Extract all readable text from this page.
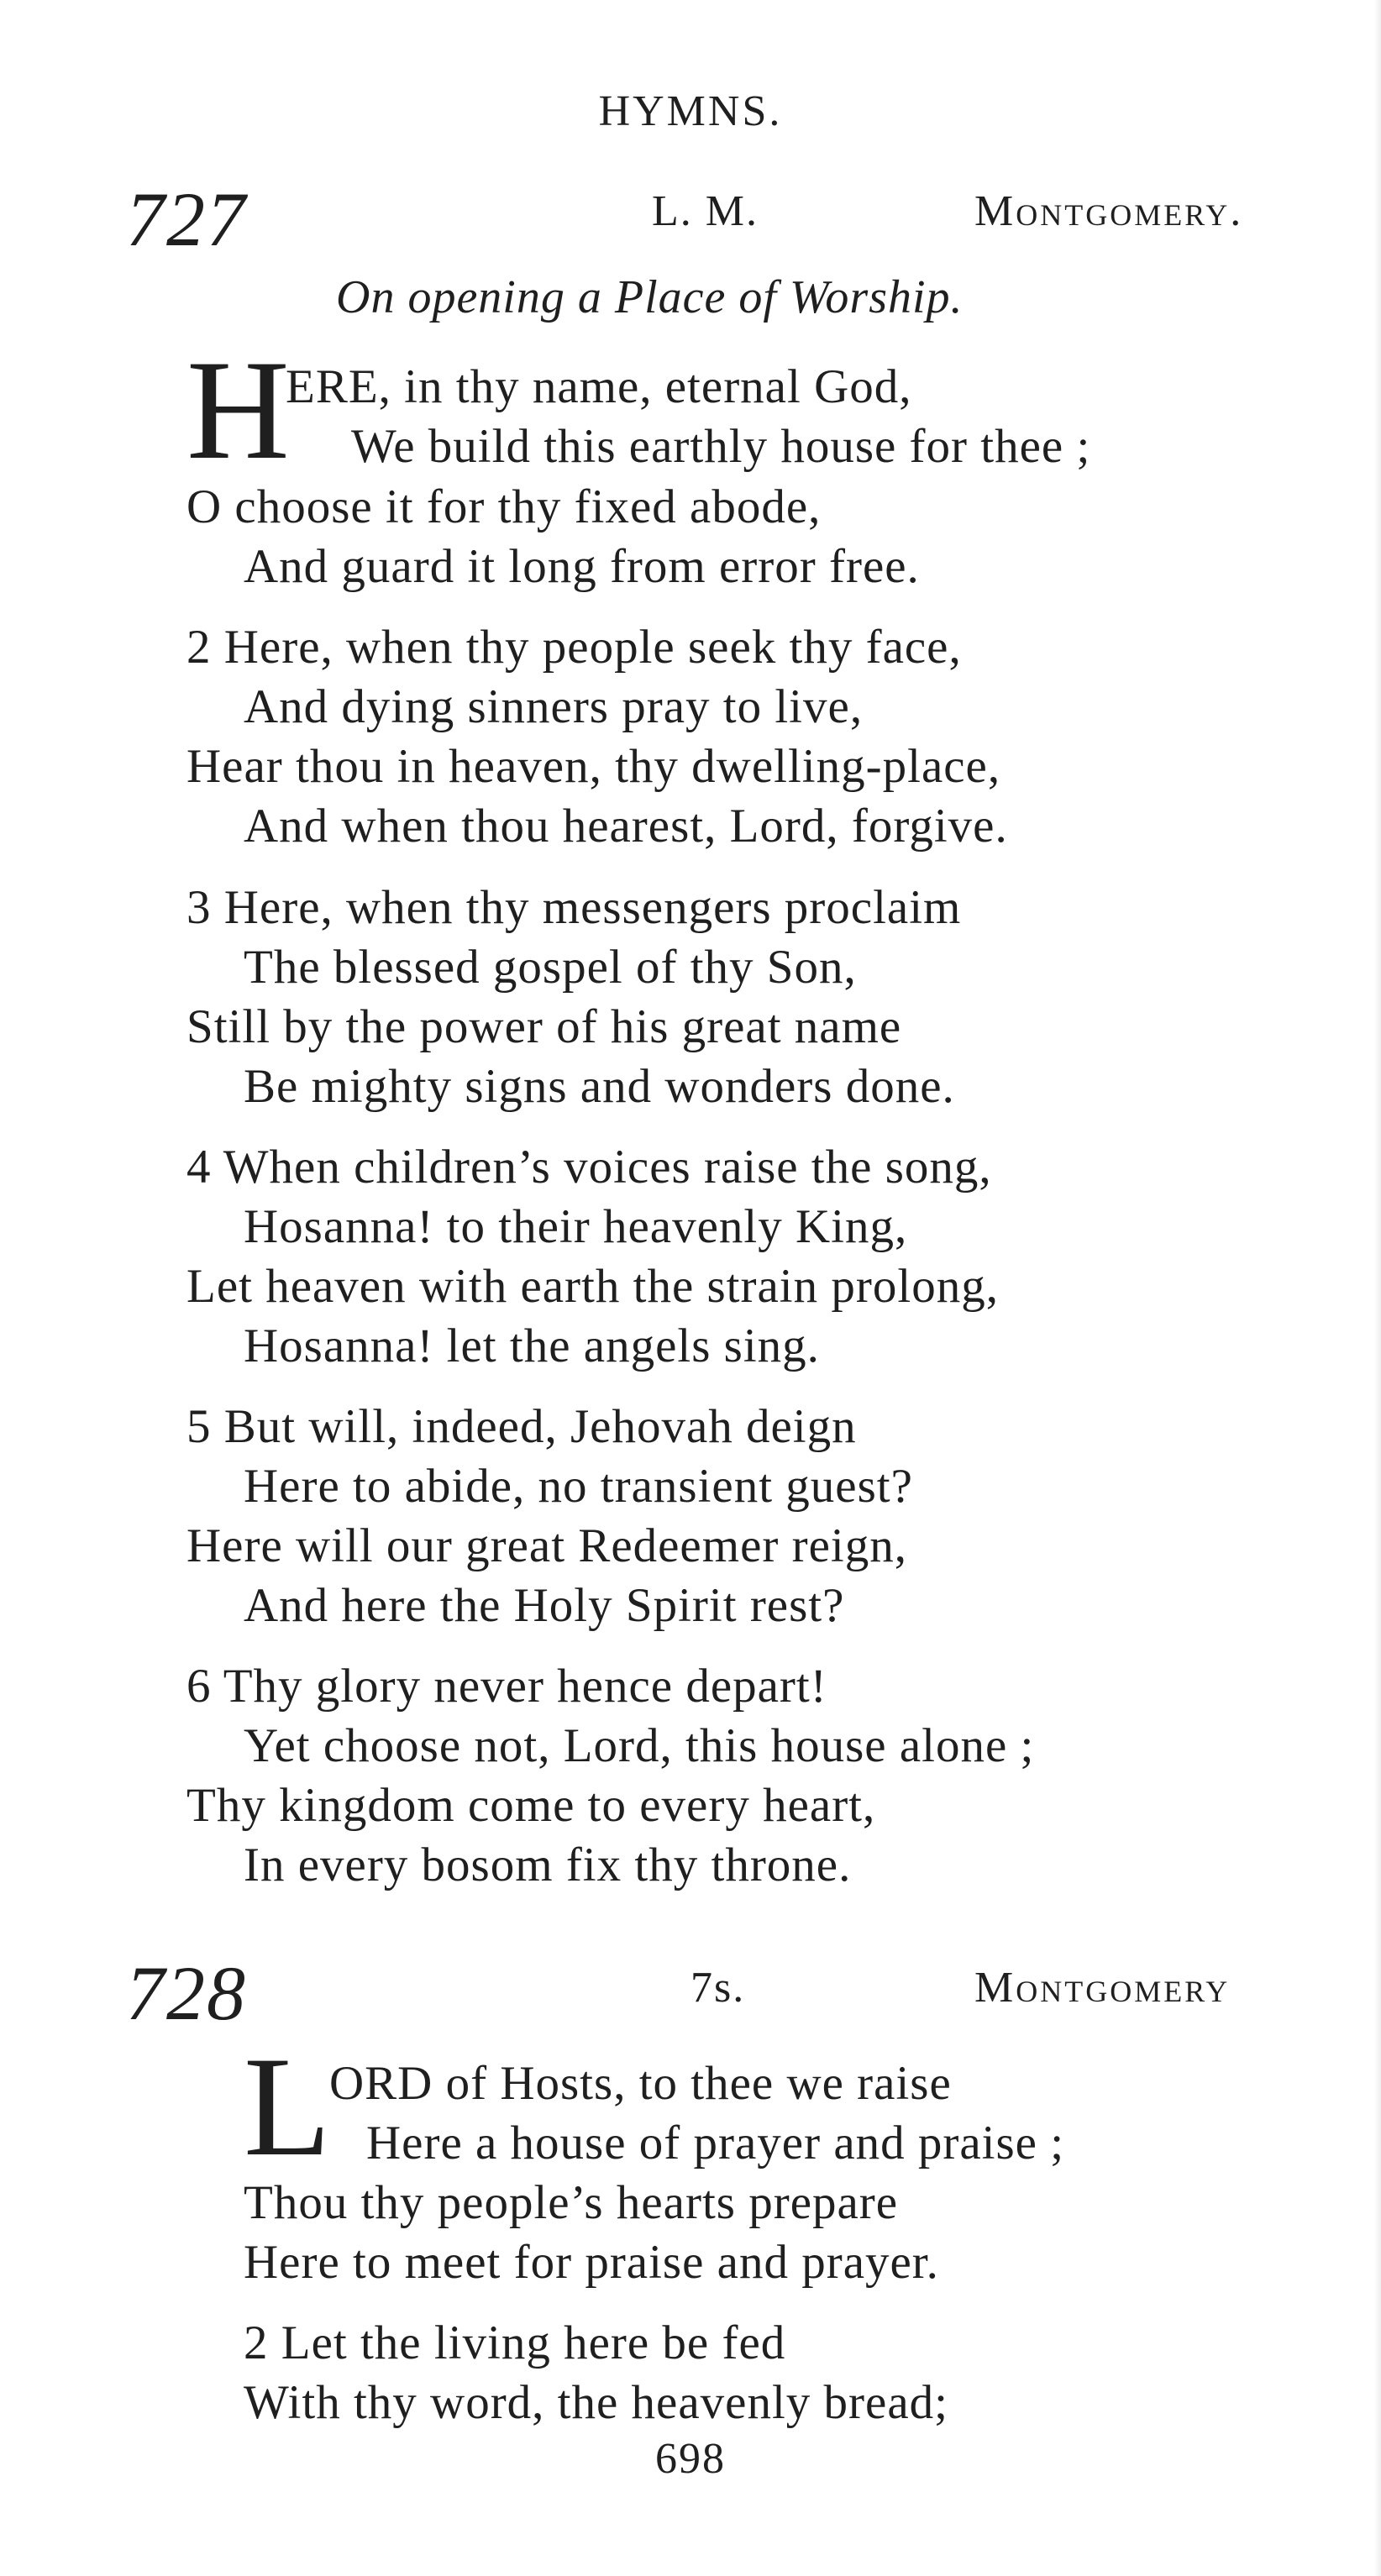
HYMNS.
727	L. M.	Montgomery.
On opening a Place of Worship.
H
ERE, in thy name, eternal God,
We build this earthly house for thee ;
O choose it for thy fixed abode,
And guard it long from error free.
2 Here, when thy people seek thy face,
And dying sinners pray to live,
Hear thou in heaven, thy dwelling-place,
And when thou hearest, Lord, forgive.
3 Here, when thy messengers proclaim
The blessed gospel of thy Son,
Still by the power of his great name
Be mighty signs and wonders done.
4 When children’s voices raise the song,
Hosanna! to their heavenly King,
Let heaven with earth the strain prolong,
Hosanna! let the angels sing.
5 But will, indeed, Jehovah deign
Here to abide, no transient guest?
Here will our great Redeemer reign,
And here the Holy Spirit rest?
6 Thy glory never hence depart!
Yet choose not, Lord, this house alone ;
Thy kingdom come to every heart,
In every bosom fix thy throne.
728	7s.	Montgomery
L
ORD of Hosts, to thee we raise
Here a house of prayer and praise ;
Thou thy people’s hearts prepare
Here to meet for praise and prayer.
2 Let the living here be fed
With thy word, the heavenly bread;
698
